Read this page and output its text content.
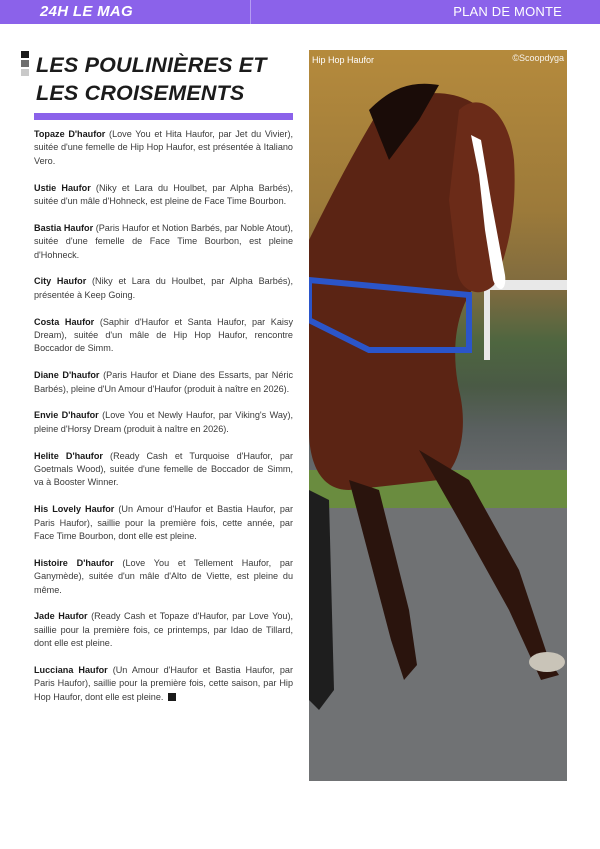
24H LE MAG	PLAN DE MONTE
LES POULINIÈRES ET LES CROISEMENTS

Topaze D'haufor (Love You et Hita Haufor, par Jet du Vivier), suitée d'une femelle de Hip Hop Haufor, est présentée à Italiano Vero.

Ustie Haufor (Niky et Lara du Houlbet, par Alpha Barbés), suitée d'un mâle d'Hohneck, est pleine de Face Time Bourbon.

Bastia Haufor (Paris Haufor et Notion Barbés, par Noble Atout), suitée d'une femelle de Face Time Bourbon, est pleine d'Hohneck.

City Haufor (Niky et Lara du Houlbet, par Alpha Barbés), présentée à Keep Going.

Costa Haufor (Saphir d'Haufor et Santa Haufor, par Kaisy Dream), suitée d'un mâle de Hip Hop Haufor, rencontre Boccador de Simm.

Diane D'haufor (Paris Haufor et Diane des Essarts, par Néric Barbés), pleine d'Un Amour d'Haufor (produit à naître en 2026).

Envie D'haufor (Love You et Newly Haufor, par Viking's Way), pleine d'Horsy Dream (produit à naître en 2026).

Helite D'haufor (Ready Cash et Turquoise d'Haufor, par Goetmals Wood), suitée d'une femelle de Boccador de Simm, va à Booster Winner.

His Lovely Haufor (Un Amour d'Haufor et Bastia Haufor, par Paris Haufor), saillie pour la première fois, cette année, par Face Time Bourbon, dont elle est pleine.

Histoire D'haufor (Love You et Tellement Haufor, par Ganymède), suitée d'un mâle d'Alto de Viette, est pleine du même.

Jade Haufor (Ready Cash et Topaze d'Haufor, par Love You), saillie pour la première fois, ce printemps, par Idao de Tillard, dont elle est pleine.

Lucciana Haufor (Un Amour d'Haufor et Bastia Haufor, par Paris Haufor), saillie pour la première fois, cette saison, par Hip Hop Haufor, dont elle est pleine.

Hip Hop Haufor	©Scoopdyga
